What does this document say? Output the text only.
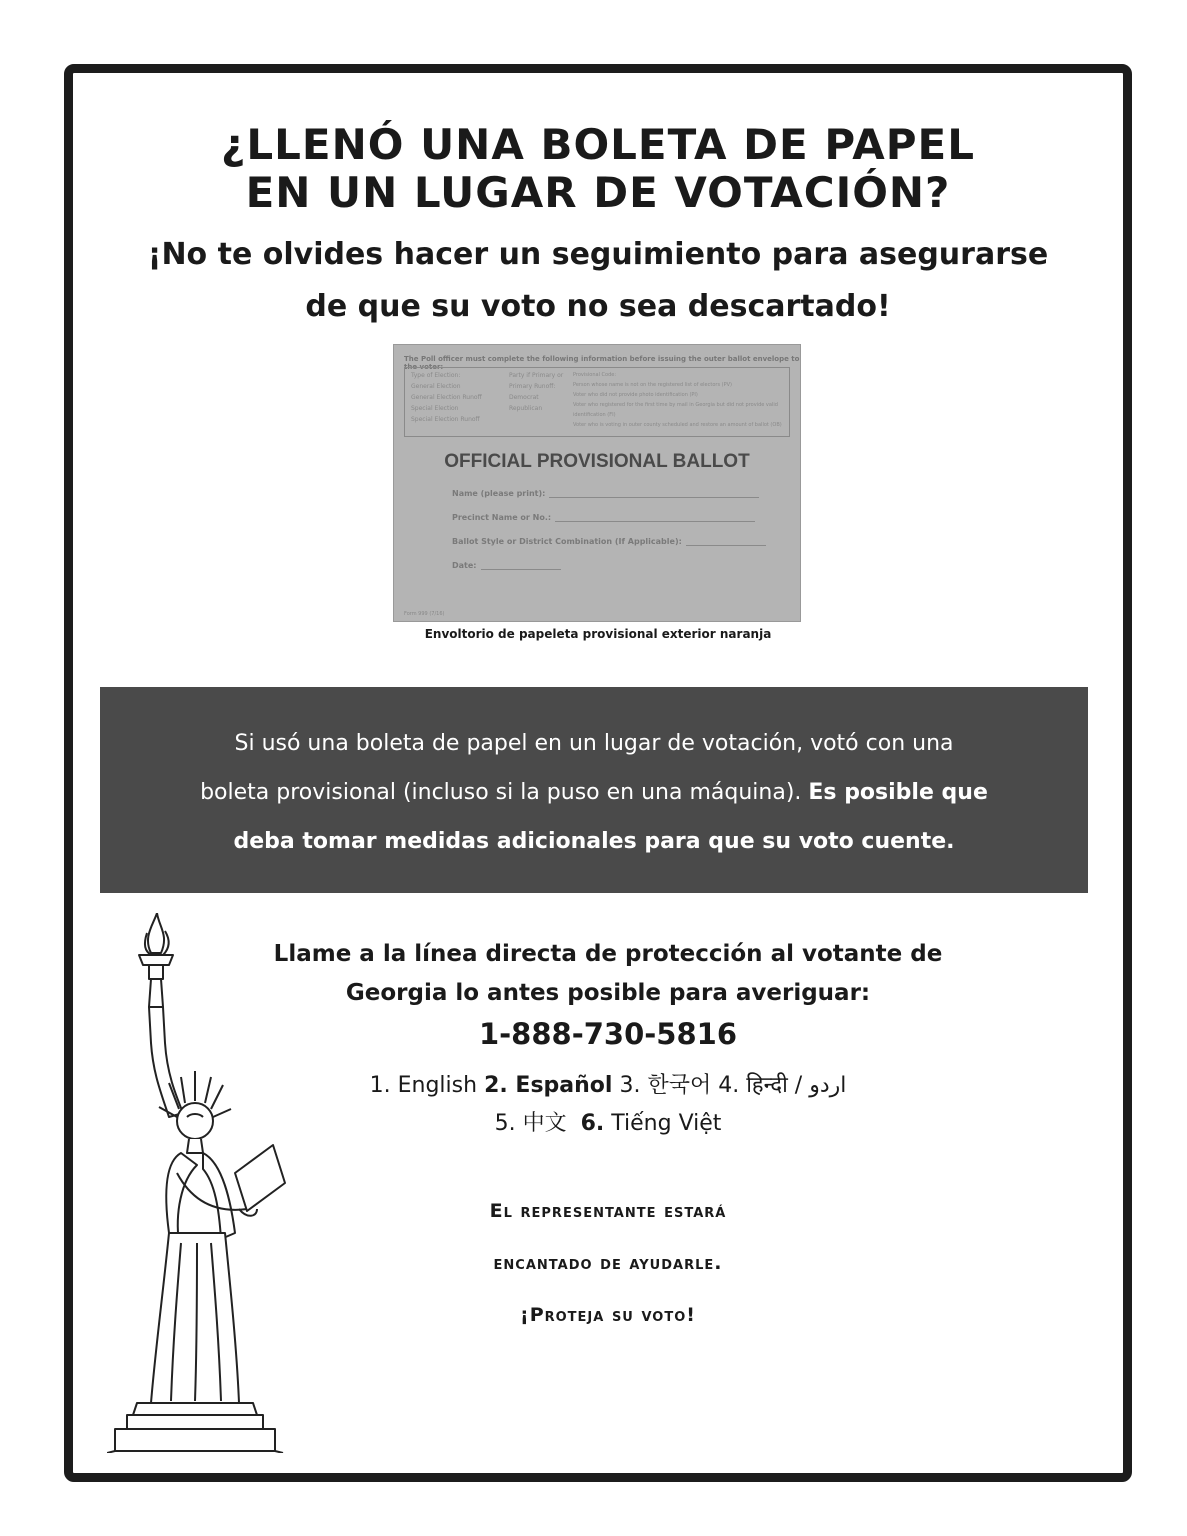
¿LLENÓ UNA BOLETA DE PAPEL
EN UN LUGAR DE VOTACIÓN?
¡No te olvides hacer un seguimiento para asegurarse
de que su voto no sea descartado!
The Poll officer must complete the following information before issuing the outer ballot envelope to the voter:
Type of Election:
General Election
General Election Runoff
Special Election
Special Election Runoff
Party if Primary or
Primary Runoff:
Democrat
Republican
Provisional Code:
Person whose name is not on the registered list of electors (PV)
Voter who did not provide photo identification (PI)
Voter who registered for the first time by mail in Georgia but did not provide valid
identification (FI)
Voter who is voting in outer county scheduled and restore an amount of ballot (OB)
OFFICIAL PROVISIONAL BALLOT
Name (please print):
Precinct Name or No.:
Ballot Style or District Combination (If Applicable):
Date:
Form 999 (7/16)

Envoltorio de papeleta provisional exterior naranja

Si usó una boleta de papel en un lugar de votación, votó con una

boleta provisional (incluso si la puso en una máquina). Es posible que

deba tomar medidas adicionales para que su voto cuente.

Llame a la línea directa de protección al votante de
Georgia lo antes posible para averiguar:

1-888-730-5816

1. English 2. Español 3. 한국어 4. हिन्दी / اردو
5. 中文 6. Tiếng Việt

El representante estará
encantado de ayudarle.
¡Proteja su voto!
